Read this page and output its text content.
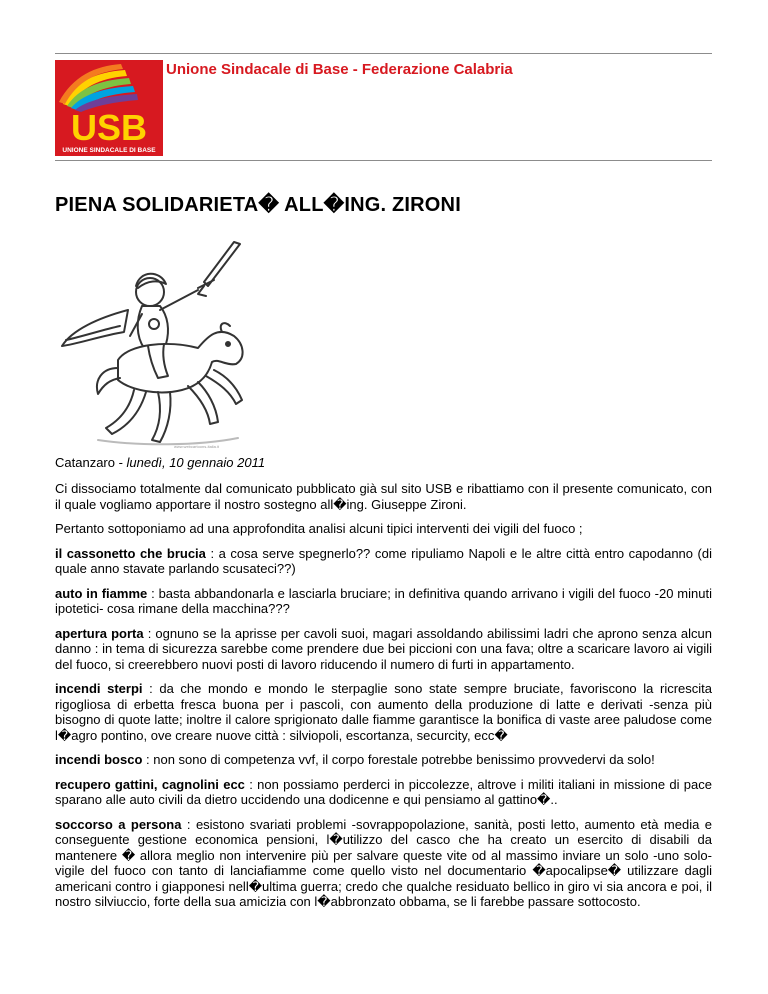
USB
UNIONE SINDACALE DI BASE
Unione Sindacale di Base - Federazione Calabria
PIENA SOLIDARIETA� ALL�ING. ZIRONI
www.webcartoons-italia.it
Catanzaro - lunedì, 10 gennaio 2011

Ci dissociamo totalmente dal comunicato pubblicato già sul sito USB e ribattiamo con il presente comunicato, con il quale vogliamo apportare il nostro sostegno all�ing. Giuseppe Zironi.

Pertanto sottoponiamo ad una approfondita analisi alcuni tipici interventi dei vigili del fuoco ;

il cassonetto che brucia : a cosa serve spegnerlo?? come ripuliamo Napoli e le altre città entro capodanno (di quale anno stavate parlando scusateci??)

auto in fiamme : basta abbandonarla e lasciarla bruciare; in definitiva quando arrivano i vigili del fuoco -20 minuti ipotetici- cosa rimane della macchina???

apertura porta : ognuno se la aprisse per cavoli suoi, magari assoldando abilissimi ladri che aprono senza alcun danno : in tema di sicurezza sarebbe come prendere due bei piccioni con una fava; oltre a scaricare lavoro ai vigili del fuoco, si creerebbero nuovi posti di lavoro riducendo il numero di furti in appartamento.

incendi sterpi : da che mondo e mondo le sterpaglie sono state sempre bruciate, favoriscono la ricrescita rigogliosa di erbetta fresca buona per i pascoli, con aumento della produzione di latte e derivati -senza più bisogno di quote latte; inoltre il calore sprigionato dalle fiamme garantisce la bonifica di vaste aree paludose come l�agro pontino, ove creare nuove città : silviopoli, escortanza, securcity, ecc�

incendi bosco : non sono di competenza vvf, il corpo forestale potrebbe benissimo provvedervi da solo!

recupero gattini, cagnolini ecc : non possiamo perderci in piccolezze, altrove i militi italiani in missione di pace sparano alle auto civili da dietro uccidendo una dodicenne e qui pensiamo al gattino�..

soccorso a persona : esistono svariati problemi -sovrappopolazione, sanità, posti letto, aumento età media e conseguente gestione economica pensioni, l�utilizzo del casco che ha creato un esercito di disabili da mantenere � allora meglio non intervenire più per salvare queste vite od al massimo inviare un solo -uno solo-vigile del fuoco con tanto di lanciafiamme come quello visto nel documentario �apocalipse� utilizzare dagli americani contro i giapponesi nell�ultima guerra; credo che qualche residuato bellico in giro vi sia ancora e poi, il nostro silviuccio, forte della sua amicizia con l�abbronzato obbama, se li farebbe passare sottocosto.
